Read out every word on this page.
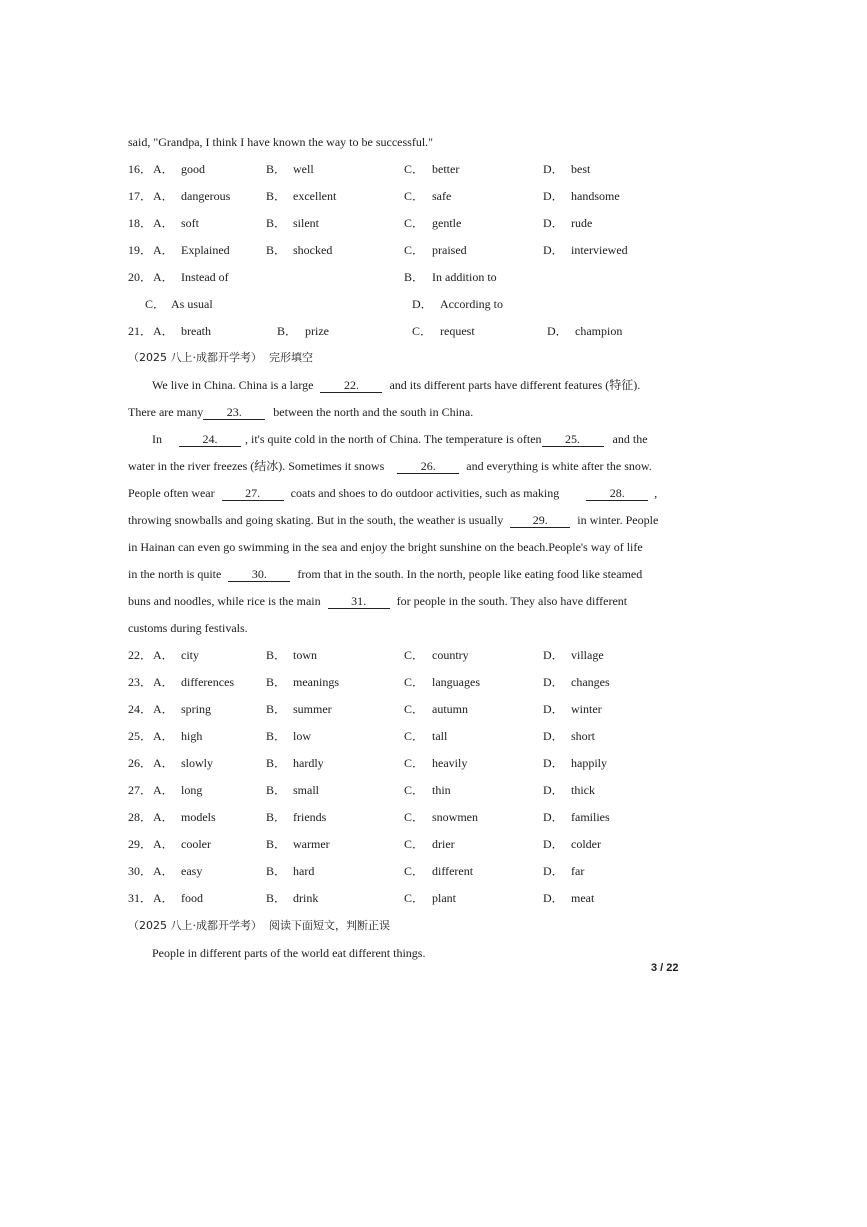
said, "Grandpa, I think I have known the way to be successful."
16． A． good	B． well	C． better	D． best
17． A． dangerous	B． excellent	C． safe	D． handsome
18． A． soft	B． silent	C． gentle	D． rude
19． A． Explained	B． shocked	C． praised	D． interviewed
20． A． Instead of	B． In addition to
C． As usual	D． According to
21． A． breath	B． prize	C． request	D． champion
（2025 八上·成都开学考） 完形填空
We live in China. China is a large	22.	and its different parts have different features (特征).
There are many 23.	between the north and the south in China.
In	24. , it's quite cold in the north of China. The temperature is often 25.	and the
water in the river freezes (结冰). Sometimes it snows	26.	and everything is white after the snow.
People often wear	27.	coats and shoes to do outdoor activities, such as making	28. ,
throwing snowballs and going skating. But in the south, the weather is usually 29. in winter. People
in Hainan can even go swimming in the sea and enjoy the bright sunshine on the beach.People's way of life
in the north is quite	30.	from that in the south. In the north, people like eating food like steamed
buns and noodles, while rice is the main	31.	for people in the south. They also have different
customs during festivals.
22． A． city	B． town	C． country	D． village
23． A． differences	B． meanings	C． languages	D． changes
24． A． spring	B． summer	C． autumn	D． winter
25． A． high	B． low	C． tall	D． short
26． A． slowly	B． hardly	C． heavily	D． happily
27． A． long	B． small	C． thin	D． thick
28． A． models	B． friends	C． snowmen	D． families
29． A． cooler	B． warmer	C． drier	D． colder
30． A． easy	B． hard	C． different	D． far
31． A． food	B． drink	C． plant	D． meat
（2025 八上·成都开学考） 阅读下面短文，判断正误
People in different parts of the world eat different things.
3 / 22
